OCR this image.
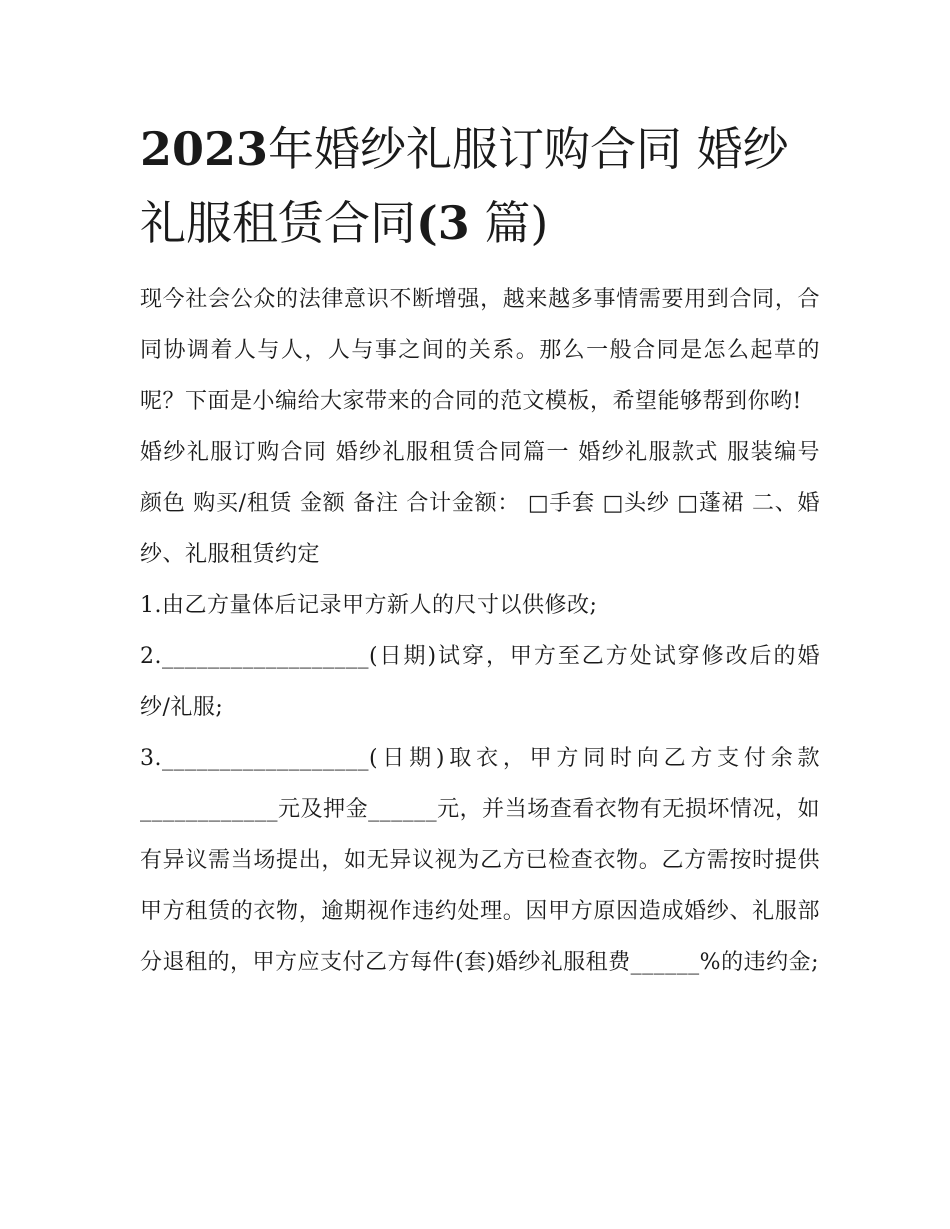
2023年婚纱礼服订购合同 婚纱礼服租赁合同(3 篇)

现今社会公众的法律意识不断增强，越来越多事情需要用到合同，合同协调着人与人，人与事之间的关系。那么一般合同是怎么起草的呢？下面是小编给大家带来的合同的范文模板，希望能够帮到你哟!

婚纱礼服订购合同 婚纱礼服租赁合同篇一 婚纱礼服款式 服装编号 颜色 购买/租赁 金额 备注 合计金额： □手套 □头纱 □蓬裙 二、婚纱、礼服租赁约定

1.由乙方量体后记录甲方新人的尺寸以供修改;

2.__________________(日期)试穿，甲方至乙方处试穿修改后的婚纱/礼服;

3.__________________(日期)取衣，甲方同时向乙方支付余款____________元及押金______元，并当场查看衣物有无损坏情况，如有异议需当场提出，如无异议视为乙方已检查衣物。乙方需按时提供甲方租赁的衣物，逾期视作违约处理。因甲方原因造成婚纱、礼服部分退租的，甲方应支付乙方每件(套)婚纱礼服租费______%的违约金;
